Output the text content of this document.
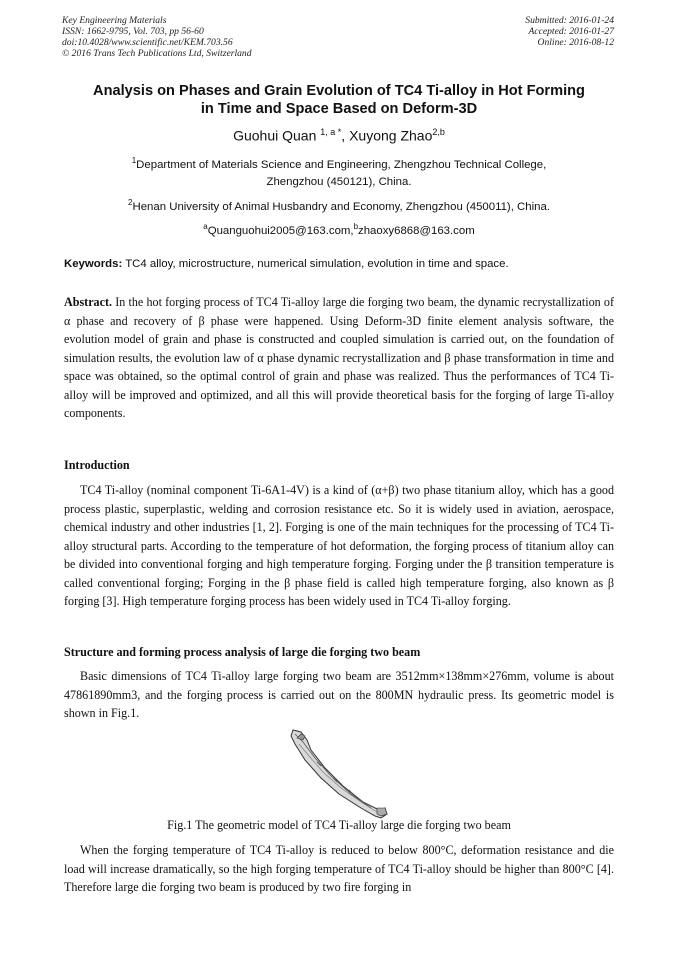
Key Engineering Materials
ISSN: 1662-9795, Vol. 703, pp 56-60
doi:10.4028/www.scientific.net/KEM.703.56
© 2016 Trans Tech Publications Ltd, Switzerland
Submitted: 2016-01-24
Accepted: 2016-01-27
Online: 2016-08-12
Analysis on Phases and Grain Evolution of TC4 Ti-alloy in Hot Forming
in Time and Space Based on Deform-3D
Guohui Quan $^{1, a *}$, Xuyong Zhao$^{2,b}$
$^1$Department of Materials Science and Engineering, Zhengzhou Technical College,
Zhengzhou (450121), China.
$^2$Henan University of Animal Husbandry and Economy, Zhengzhou (450011), China.
$^a$Quanguohui2005@163.com,$^b$zhaoxy6868@163.com
Keywords: TC4 alloy, microstructure, numerical simulation, evolution in time and space.
Abstract. In the hot forging process of TC4 Ti-alloy large die forging two beam, the dynamic recrystallization of α phase and recovery of β phase were happened. Using Deform-3D finite element analysis software, the evolution model of grain and phase is constructed and coupled simulation is carried out, on the foundation of simulation results, the evolution law of α phase dynamic recrystallization and β phase transformation in time and space was obtained, so the optimal control of grain and phase was realized. Thus the performances of TC4 Ti-alloy will be improved and optimized, and all this will provide theoretical basis for the forging of large Ti-alloy components.
Introduction
TC4 Ti-alloy (nominal component Ti-6A1-4V) is a kind of (α+β) two phase titanium alloy, which has a good process plastic, superplastic, welding and corrosion resistance etc. So it is widely used in aviation, aerospace, chemical industry and other industries [1, 2]. Forging is one of the main techniques for the processing of TC4 Ti-alloy structural parts. According to the temperature of hot deformation, the forging process of titanium alloy can be divided into conventional forging and high temperature forging. Forging under the β transition temperature is called conventional forging; Forging in the β phase field is called high temperature forging, also known as β forging [3]. High temperature forging process has been widely used in TC4 Ti-alloy forging.
Structure and forming process analysis of large die forging two beam
Basic dimensions of TC4 Ti-alloy large forging two beam are 3512mm×138mm×276mm, volume is about 47861890mm3, and the forging process is carried out on the 800MN hydraulic press. Its geometric model is shown in Fig.1.
Fig.1 The geometric model of TC4 Ti-alloy large die forging two beam
When the forging temperature of TC4 Ti-alloy is reduced to below 800°C, deformation resistance and die load will increase dramatically, so the high forging temperature of TC4 Ti-alloy should be higher than 800°C [4]. Therefore large die forging two beam is produced by two fire forging in
